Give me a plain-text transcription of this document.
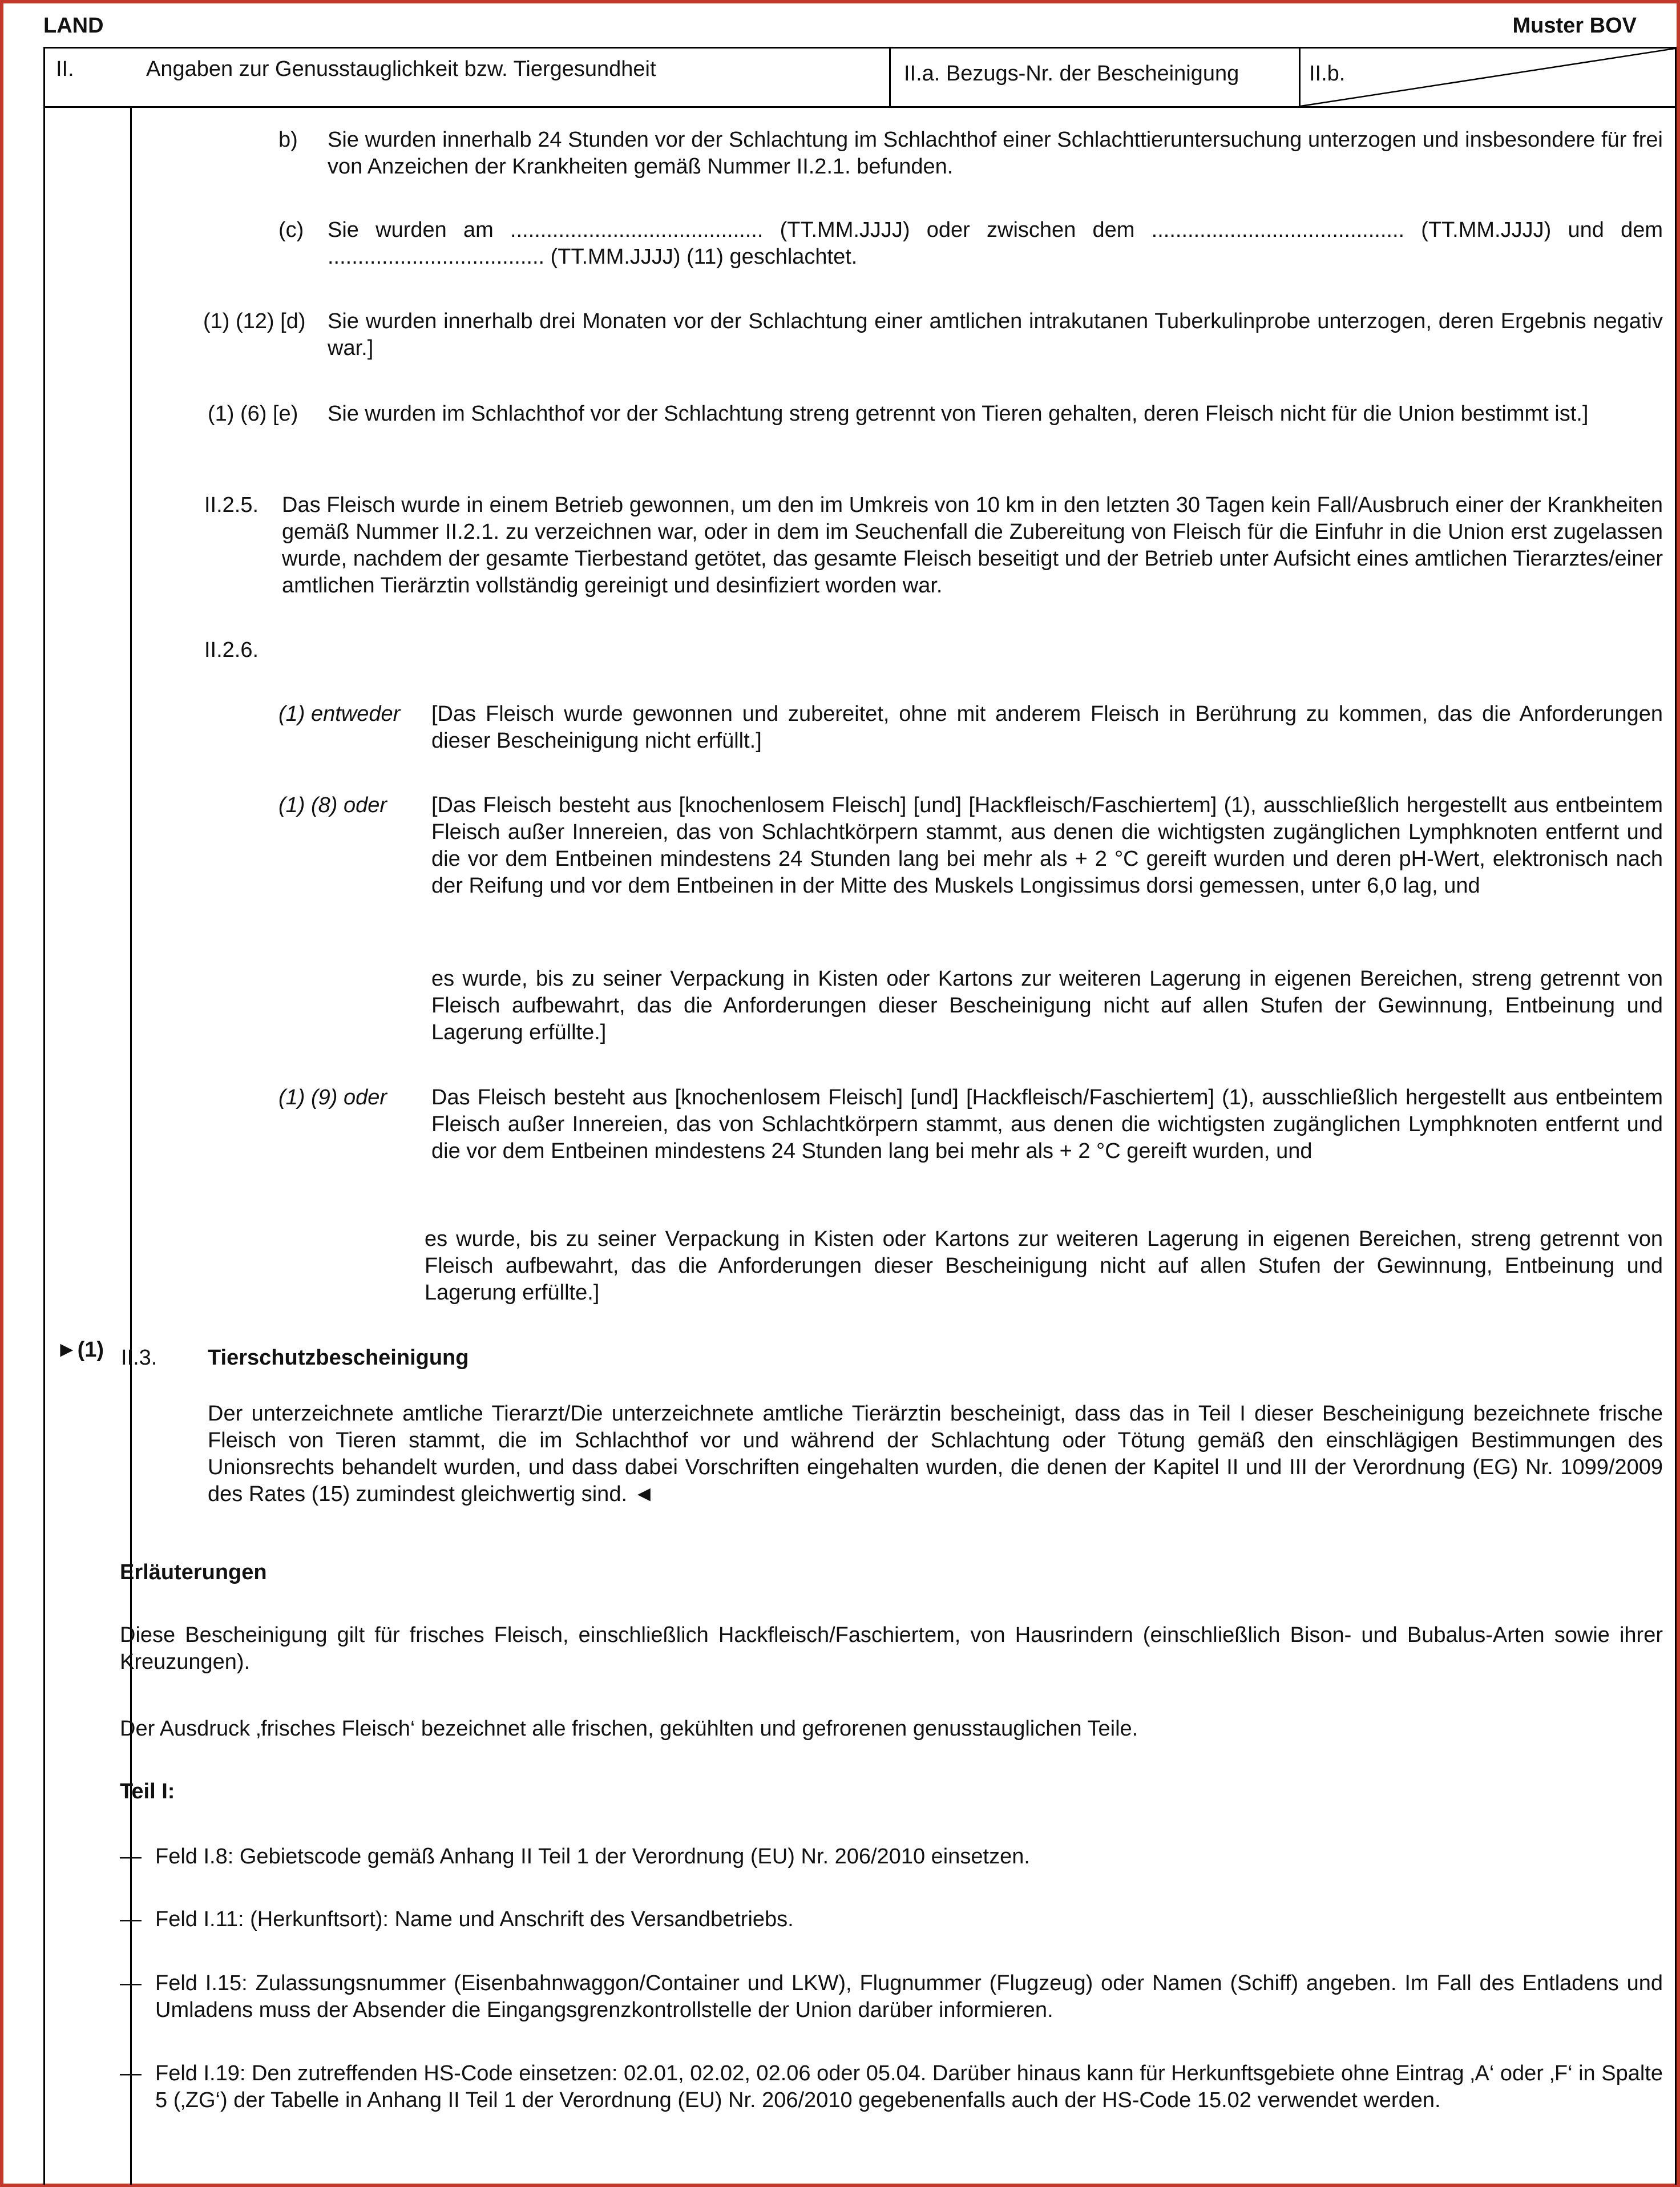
LAND	Muster BOV
II.	Angaben zur Genusstauglichkeit bzw. Tiergesundheit	II.a. Bezugs-Nr. der Bescheinigung	II.b.
b) Sie wurden innerhalb 24 Stunden vor der Schlachtung im Schlachthof einer Schlachttieruntersuchung unterzogen und insbesondere für frei von Anzeichen der Krankheiten gemäß Nummer II.2.1. befunden.
(c) Sie wurden am .......................................... (TT.MM.JJJJ) oder zwischen dem .......................................... (TT.MM.JJJJ) und dem .................................... (TT.MM.JJJJ) (11) geschlachtet.
(1) (12) [d) Sie wurden innerhalb drei Monaten vor der Schlachtung einer amtlichen intrakutanen Tuberkulinprobe unterzogen, deren Ergebnis negativ war.]
(1) (6) [e) Sie wurden im Schlachthof vor der Schlachtung streng getrennt von Tieren gehalten, deren Fleisch nicht für die Union bestimmt ist.]
II.2.5. Das Fleisch wurde in einem Betrieb gewonnen, um den im Umkreis von 10 km in den letzten 30 Tagen kein Fall/Ausbruch einer der Krankheiten gemäß Nummer II.2.1. zu verzeichnen war, oder in dem im Seuchenfall die Zubereitung von Fleisch für die Einfuhr in die Union erst zugelassen wurde, nachdem der gesamte Tierbestand getötet, das gesamte Fleisch beseitigt und der Betrieb unter Aufsicht eines amtlichen Tierarztes/einer amtlichen Tierärztin vollständig gereinigt und desinfiziert worden war.
II.2.6.
(1) entweder [Das Fleisch wurde gewonnen und zubereitet, ohne mit anderem Fleisch in Berührung zu kommen, das die Anforderungen dieser Bescheinigung nicht erfüllt.]
(1) (8) oder [Das Fleisch besteht aus [knochenlosem Fleisch] [und] [Hackfleisch/Faschiertem] (1), ausschließlich hergestellt aus entbeintem Fleisch außer Innereien, das von Schlachtkörpern stammt, aus denen die wichtigsten zugänglichen Lymphknoten entfernt und die vor dem Entbeinen mindestens 24 Stunden lang bei mehr als + 2 °C gereift wurden und deren pH-Wert, elektronisch nach der Reifung und vor dem Entbeinen in der Mitte des Muskels Longissimus dorsi gemessen, unter 6,0 lag, und
es wurde, bis zu seiner Verpackung in Kisten oder Kartons zur weiteren Lagerung in eigenen Bereichen, streng getrennt von Fleisch aufbewahrt, das die Anforderungen dieser Bescheinigung nicht auf allen Stufen der Gewinnung, Entbeinung und Lagerung erfüllte.]
(1) (9) oder Das Fleisch besteht aus [knochenlosem Fleisch] [und] [Hackfleisch/Faschiertem] (1), ausschließlich hergestellt aus entbeintem Fleisch außer Innereien, das von Schlachtkörpern stammt, aus denen die wichtigsten zugänglichen Lymphknoten entfernt und die vor dem Entbeinen mindestens 24 Stunden lang bei mehr als + 2 °C gereift wurden, und
es wurde, bis zu seiner Verpackung in Kisten oder Kartons zur weiteren Lagerung in eigenen Bereichen, streng getrennt von Fleisch aufbewahrt, das die Anforderungen dieser Bescheinigung nicht auf allen Stufen der Gewinnung, Entbeinung und Lagerung erfüllte.]
►(1) II.3. Tierschutzbescheinigung
Der unterzeichnete amtliche Tierarzt/Die unterzeichnete amtliche Tierärztin bescheinigt, dass das in Teil I dieser Bescheinigung bezeichnete frische Fleisch von Tieren stammt, die im Schlachthof vor und während der Schlachtung oder Tötung gemäß den einschlägigen Bestimmungen des Unionsrechts behandelt wurden, und dass dabei Vorschriften eingehalten wurden, die denen der Kapitel II und III der Verordnung (EG) Nr. 1099/2009 des Rates (15) zumindest gleichwertig sind. ◄
Erläuterungen
Diese Bescheinigung gilt für frisches Fleisch, einschließlich Hackfleisch/Faschiertem, von Hausrindern (einschließlich Bison- und Bubalus-Arten sowie ihrer Kreuzungen).
Der Ausdruck ‚frisches Fleisch‘ bezeichnet alle frischen, gekühlten und gefrorenen genusstauglichen Teile.
Teil I:
— Feld I.8: Gebietscode gemäß Anhang II Teil 1 der Verordnung (EU) Nr. 206/2010 einsetzen.
— Feld I.11: (Herkunftsort): Name und Anschrift des Versandbetriebs.
— Feld I.15: Zulassungsnummer (Eisenbahnwaggon/Container und LKW), Flugnummer (Flugzeug) oder Namen (Schiff) angeben. Im Fall des Entladens und Umladens muss der Absender die Eingangsgrenzkontrollstelle der Union darüber informieren.
— Feld I.19: Den zutreffenden HS-Code einsetzen: 02.01, 02.02, 02.06 oder 05.04. Darüber hinaus kann für Herkunftsgebiete ohne Eintrag ‚A‘ oder ‚F‘ in Spalte 5 (‚ZG‘) der Tabelle in Anhang II Teil 1 der Verordnung (EU) Nr. 206/2010 gegebenenfalls auch der HS-Code 15.02 verwendet werden.
